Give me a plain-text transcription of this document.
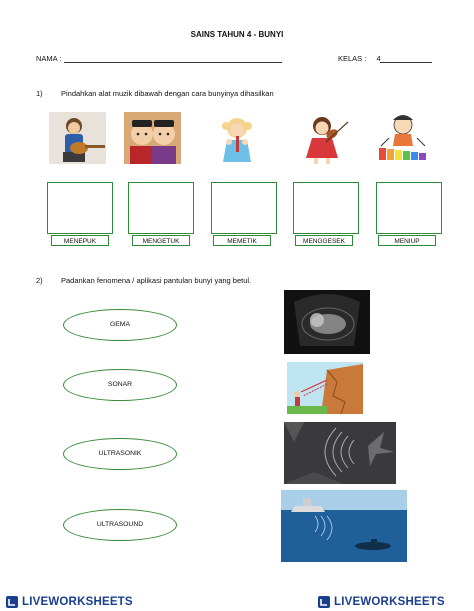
SAINS TAHUN 4 - BUNYI
NAMA :	KELAS : 4
1) Pindahkan alat muzik dibawah dengan cara bunyinya dihasilkan
MENEPUK	MENGETUK	MEMETIK	MENGGESEK	MENIUP
2) Padankan fenomena / aplikasi pantulan bunyi yang betul.
GEMA
SONAR
ULTRASONIK
ULTRASOUND
LIVEWORKSHEETS	LIVEWORKSHEETS
